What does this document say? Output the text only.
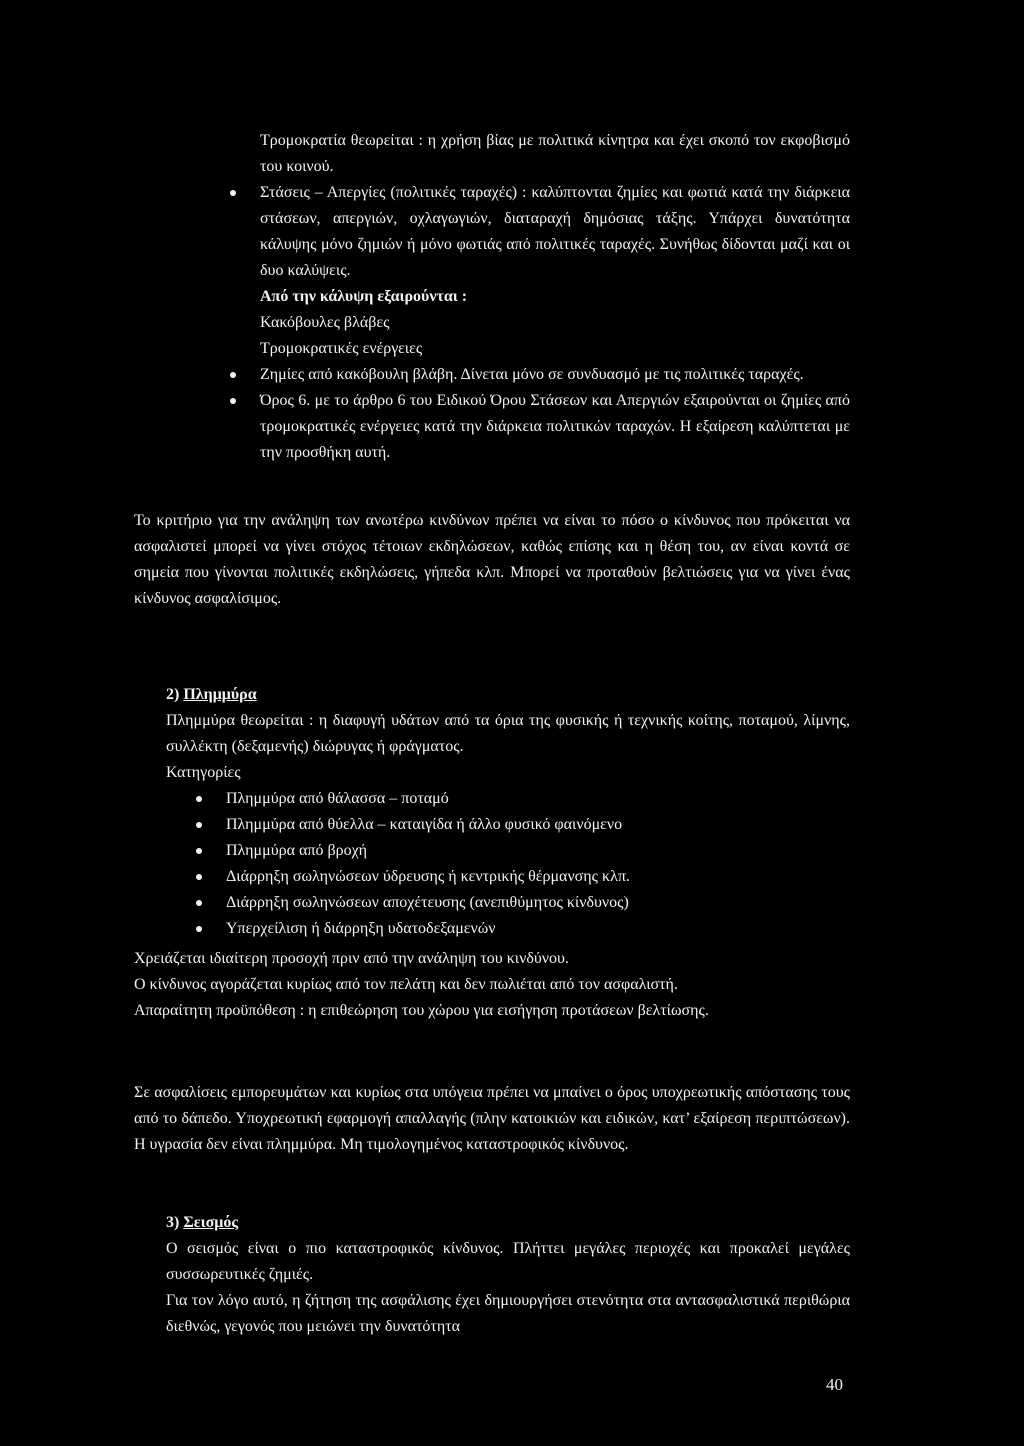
Τρομοκρατία θεωρείται : η χρήση βίας με πολιτικά κίνητρα και έχει σκοπό τον εκφοβισμό του κοινού.

Στάσεις – Απεργίες (πολιτικές ταραχές) : καλύπτονται ζημίες και φωτιά κατά την διάρκεια στάσεων, απεργιών, οχλαγωγιών, διαταραχή δημόσιας τάξης. Υπάρχει δυνατότητα κάλυψης μόνο ζημιών ή μόνο φωτιάς από πολιτικές ταραχές. Συνήθως δίδονται μαζί και οι δυο καλύψεις.

Από την κάλυψη εξαιρούνται :

Κακόβουλες βλάβες

Τρομοκρατικές ενέργειες

Ζημίες από κακόβουλη βλάβη. Δίνεται μόνο σε συνδυασμό με τις πολιτικές ταραχές.

Όρος 6. με το άρθρο 6 του Ειδικού Όρου Στάσεων και Απεργιών εξαιρούνται οι ζημίες από τρομοκρατικές ενέργειες κατά την διάρκεια πολιτικών ταραχών. Η εξαίρεση καλύπτεται με την προσθήκη αυτή.

Το κριτήριο για την ανάληψη των ανωτέρω κινδύνων πρέπει να είναι το πόσο ο κίνδυνος που πρόκειται να ασφαλιστεί μπορεί να γίνει στόχος τέτοιων εκδηλώσεων, καθώς επίσης και η θέση του, αν είναι κοντά σε σημεία που γίνονται πολιτικές εκδηλώσεις, γήπεδα κλπ. Μπορεί να προταθούν βελτιώσεις για να γίνει ένας κίνδυνος ασφαλίσιμος.

2) Πλημμύρα

Πλημμύρα θεωρείται : η διαφυγή υδάτων από τα όρια της φυσικής ή τεχνικής κοίτης, ποταμού, λίμνης, συλλέκτη (δεξαμενής) διώρυγας ή φράγματος.

Κατηγορίες

Πλημμύρα από θάλασσα – ποταμό

Πλημμύρα από θύελλα – καταιγίδα ή άλλο φυσικό φαινόμενο

Πλημμύρα από βροχή

Διάρρηξη σωληνώσεων ύδρευσης ή κεντρικής θέρμανσης κλπ.

Διάρρηξη σωληνώσεων αποχέτευσης (ανεπιθύμητος κίνδυνος)

Υπερχείλιση ή διάρρηξη υδατοδεξαμενών

Χρειάζεται ιδιαίτερη προσοχή πριν από την ανάληψη του κινδύνου.

Ο κίνδυνος αγοράζεται κυρίως από τον πελάτη και δεν πωλιέται από τον ασφαλιστή.

Απαραίτητη προϋπόθεση : η επιθεώρηση του χώρου για εισήγηση προτάσεων βελτίωσης.

Σε ασφαλίσεις εμπορευμάτων και κυρίως στα υπόγεια πρέπει να μπαίνει ο όρος υποχρεωτικής απόστασης τους από το δάπεδο. Υποχρεωτική εφαρμογή απαλλαγής (πλην κατοικιών και ειδικών, κατ’ εξαίρεση περιπτώσεων). Η υγρασία δεν είναι πλημμύρα. Μη τιμολογημένος καταστροφικός κίνδυνος.

3) Σεισμός

Ο σεισμός είναι ο πιο καταστροφικός κίνδυνος. Πλήττει μεγάλες περιοχές και προκαλεί μεγάλες συσσωρευτικές ζημιές.

Για τον λόγο αυτό, η ζήτηση της ασφάλισης έχει δημιουργήσει στενότητα στα αντασφαλιστικά περιθώρια διεθνώς, γεγονός που μειώνει την δυνατότητα

40
